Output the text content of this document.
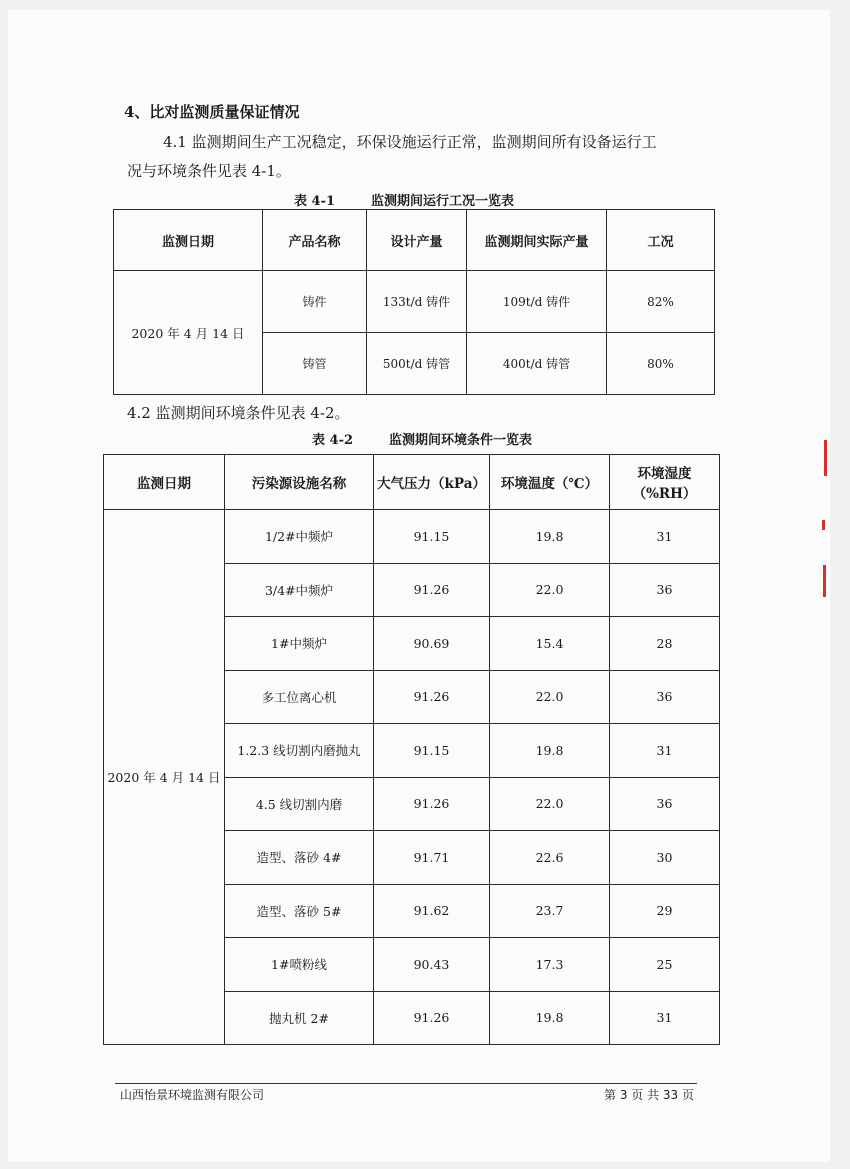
4、比对监测质量保证情况
4.1 监测期间生产工况稳定，环保设施运行正常，监测期间所有设备运行工
况与环境条件见表 4-1。
表 4-1	监测期间运行工况一览表
监测日期	产品名称	设计产量	监测期间实际产量	工况
2020 年 4 月 14 日	铸件	133t/d 铸件	109t/d 铸件	82%
	铸管	500t/d 铸管	400t/d 铸管	80%
4.2 监测期间环境条件见表 4-2。
表 4-2	监测期间环境条件一览表
监测日期	污染源设施名称	大气压力（kPa）	环境温度（℃）	环境湿度（%RH）
2020 年 4 月 14 日	1/2#中频炉	91.15	19.8	31
	3/4#中频炉	91.26	22.0	36
	1#中频炉	90.69	15.4	28
	多工位离心机	91.26	22.0	36
	1.2.3 线切割内磨抛丸	91.15	19.8	31
	4.5 线切割内磨	91.26	22.0	36
	造型、落砂 4#	91.71	22.6	30
	造型、落砂 5#	91.62	23.7	29
	1#喷粉线	90.43	17.3	25
	抛丸机 2#	91.26	19.8	31
山西怡景环境监测有限公司	第 3 页 共 33 页
